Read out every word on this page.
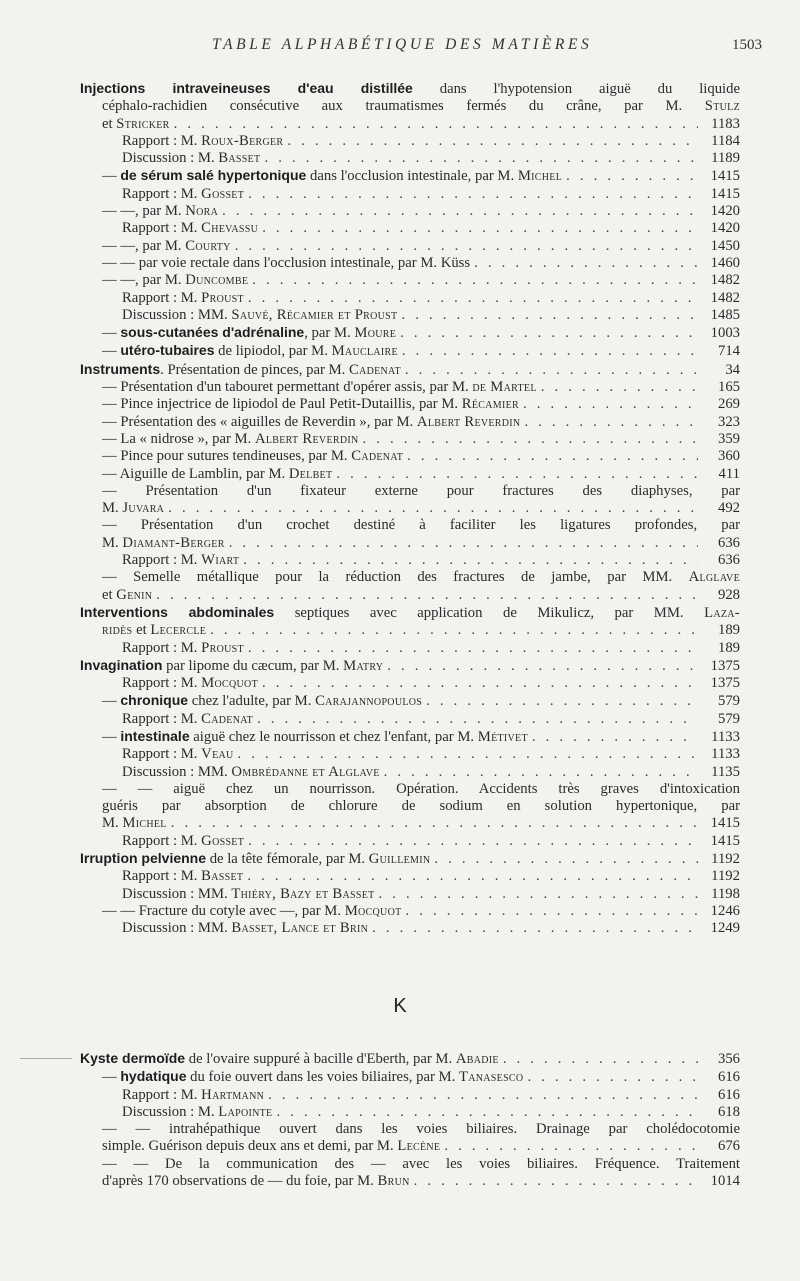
TABLE ALPHABÉTIQUE DES MATIÈRES	1503
Injections intraveineuses d'eau distillée dans l'hypotension aiguë du liquide
céphalo-rachidien consécutive aux traumatismes fermés du crâne, par M. Stulz
et Stricker . . .	1183
Rapport : M. Roux-Berger . . .	1184
Discussion : M. Basset . . .	1189
— de sérum salé hypertonique dans l'occlusion intestinale, par M. Michel . . .	1415
Rapport : M. Gosset . . .	1415
— —, par M. Nora . . .	1420
Rapport : M. Chevassu . . .	1420
— —, par M. Courty . . .	1450
— — par voie rectale dans l'occlusion intestinale, par M. Küss . . .	1460
— —, par M. Duncombe . . .	1482
Rapport : M. Proust . . .	1482
Discussion : MM. Sauvé, Récamier et Proust . . .	1485
— sous-cutanées d'adrénaline, par M. Moure . . .	1003
— utéro-tubaires de lipiodol, par M. Mauclaire . . .	714
Instruments. Présentation de pinces, par M. Cadenat . . .	34
— Présentation d'un tabouret permettant d'opérer assis, par M. de Martel . . .	165
— Pince injectrice de lipiodol de Paul Petit-Dutaillis, par M. Récamier . . .	269
— Présentation des « aiguilles de Reverdin », par M. Albert Reverdin . . .	323
— La « nidrose », par M. Albert Reverdin . . .	359
— Pince pour sutures tendineuses, par M. Cadenat . . .	360
— Aiguille de Lamblin, par M. Delbet . . .	411
— Présentation d'un fixateur externe pour fractures des diaphyses, par
M. Juvara . . .	492
— Présentation d'un crochet destiné à faciliter les ligatures profondes, par
M. Diamant-Berger . . .	636
Rapport : M. Wiart . . .	636
— Semelle métallique pour la réduction des fractures de jambe, par MM. Alglave
et Genin . . .	928
Interventions abdominales septiques avec application de Mikulicz, par MM. Laza-
ridès et Lecercle . . .	189
Rapport : M. Proust . . .	189
Invagination par lipome du cæcum, par M. Matry . . .	1375
Rapport : M. Mocquot . . .	1375
— chronique chez l'adulte, par M. Carajannopoulos . . .	579
Rapport : M. Cadenat . . .	579
— intestinale aiguë chez le nourrisson et chez l'enfant, par M. Métivet . . .	1133
Rapport : M. Veau . . .	1133
Discussion : MM. Ombrédanne et Alglave . . .	1135
— — aiguë chez un nourrisson. Opération. Accidents très graves d'intoxication
guéris par absorption de chlorure de sodium en solution hypertonique, par
M. Michel . . .	1415
Rapport : M. Gosset . . .	1415
Irruption pelvienne de la tête fémorale, par M. Guillemin . . .	1192
Rapport : M. Basset . . .	1192
Discussion : MM. Thiéry, Bazy et Basset . . .	1198
— — Fracture du cotyle avec —, par M. Mocquot . . .	1246
Discussion : MM. Basset, Lance et Brin . . .	1249
K
Kyste dermoïde de l'ovaire suppuré à bacille d'Eberth, par M. Abadie . . .	356
— hydatique du foie ouvert dans les voies biliaires, par M. Tanasesco . . .	616
Rapport : M. Hartmann . . .	616
Discussion : M. Lapointe . . .	618
— — intrahépathique ouvert dans les voies biliaires. Drainage par cholédocotomie
simple. Guérison depuis deux ans et demi, par M. Lecène . . .	676
— — De la communication des — avec les voies biliaires. Fréquence. Traitement
d'après 170 observations de — du foie, par M. Brun . . .	1014
